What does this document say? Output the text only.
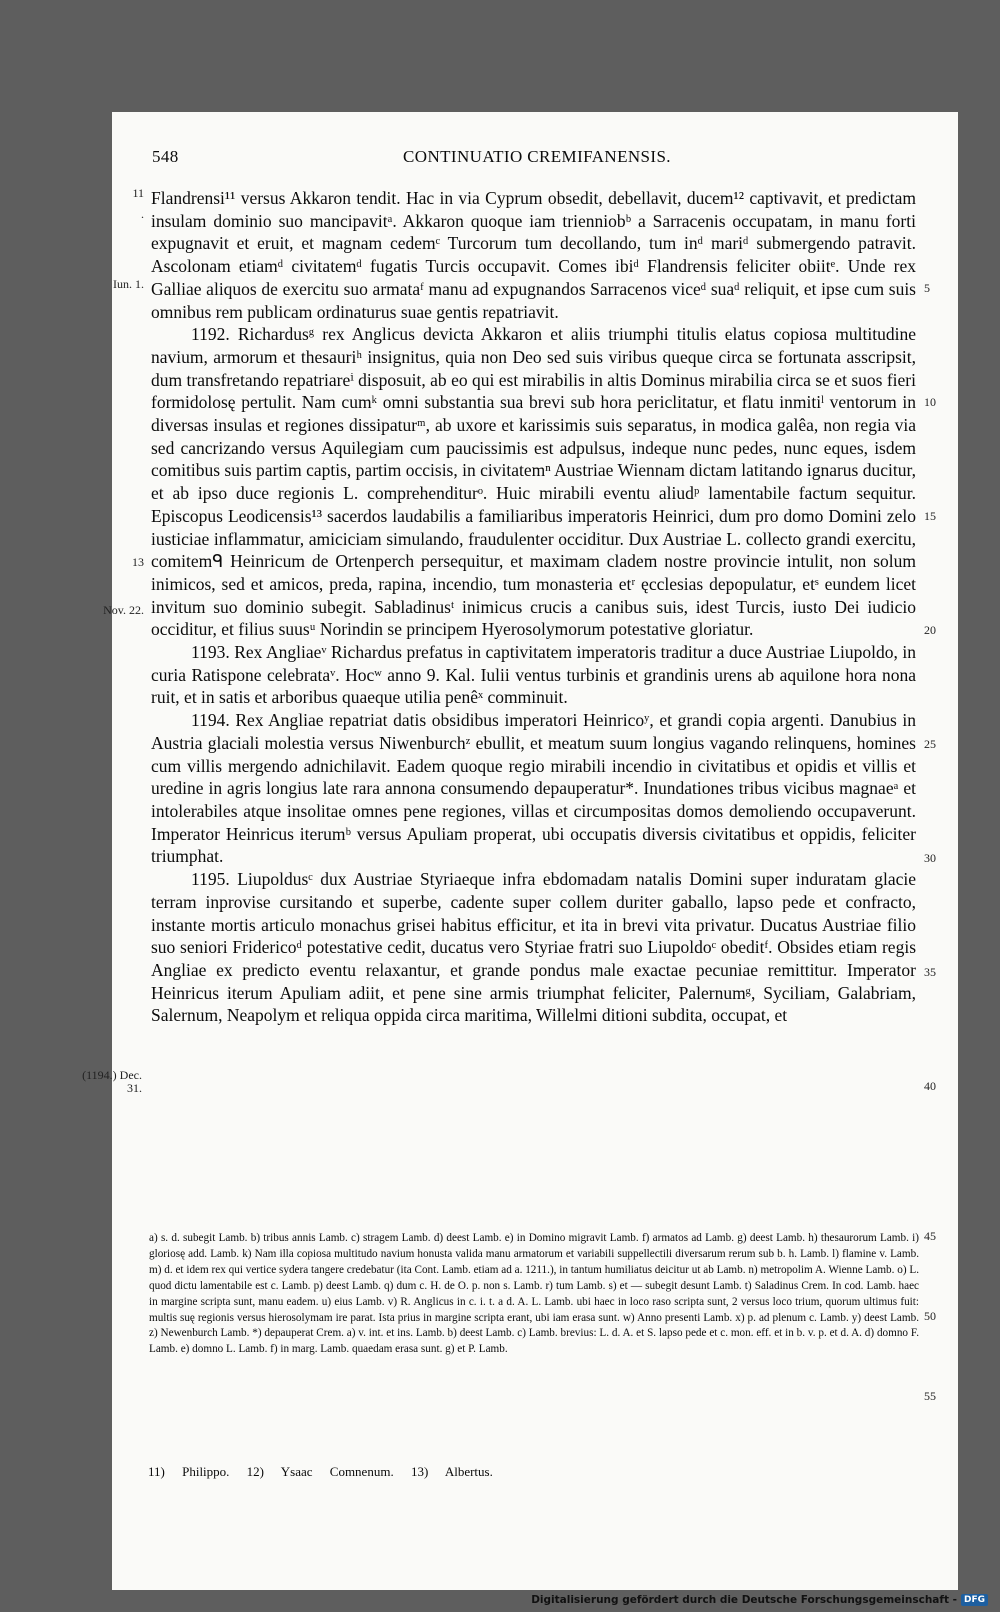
548	CONTINUATIO CREMIFANENSIS.
11
.
Iun. 1.
13
Nov. 22.
(1194.) Dec. 31.
5
10
15
20
25
30
35
40
45
50
55

Flandrensi¹¹ versus Akkaron tendit. Hac in via Cyprum obsedit, debellavit, ducem¹² captivavit, et predictam insulam dominio suo mancipavitᵃ. Akkaron quoque iam trienniobᵇ a Sarracenis occupatam, in manu forti expugnavit et eruit, et magnam cedemᶜ Turcorum tum decollando, tum inᵈ mariᵈ submergendo patravit. Ascolonam etiamᵈ civitatemᵈ fugatis Turcis occupavit. Comes ibiᵈ Flandrensis feliciter obiitᵉ. Unde rex Galliae aliquos de exercitu suo armataᶠ manu ad expugnandos Sarracenos viceᵈ suaᵈ reliquit, et ipse cum suis omnibus rem publicam ordinaturus suae gentis repatriavit.

1192. Richardusᵍ rex Anglicus devicta Akkaron et aliis triumphi titulis elatus copiosa multitudine navium, armorum et thesauriʰ insignitus, quia non Deo sed suis viribus queque circa se fortunata asscripsit, dum transfretando repatriareⁱ disposuit, ab eo qui est mirabilis in altis Dominus mirabilia circa se et suos fieri formidolosę pertulit. Nam cumᵏ omni substantia sua brevi sub hora periclitatur, et flatu inmitiˡ ventorum in diversas insulas et regiones dissipaturᵐ, ab uxore et karissimis suis separatus, in modica galêa, non regia via sed cancrizando versus Aquilegiam cum paucissimis est adpulsus, indeque nunc pedes, nunc eques, isdem comitibus suis partim captis, partim occisis, in civitatemⁿ Austriae Wiennam dictam latitando ignarus ducitur, et ab ipso duce regionis L. comprehenditurᵒ. Huic mirabili eventu aliudᵖ lamentabile factum sequitur. Episcopus Leodicensis¹³ sacerdos laudabilis a familiaribus imperatoris Heinrici, dum pro domo Domini zelo iusticiae inflammatur, amiciciam simulando, fraudulenter occiditur. Dux Austriae L. collecto grandi exercitu, comitemᑫ Heinricum de Ortenperch persequitur, et maximam cladem nostre provincie intulit, non solum inimicos, sed et amicos, preda, rapina, incendio, tum monasteria etʳ ęcclesias depopulatur, etˢ eundem licet invitum suo dominio subegit. Sabladinusᵗ inimicus crucis a canibus suis, idest Turcis, iusto Dei iudicio occiditur, et filius suusᵘ Norindin se principem Hyerosolymorum potestative gloriatur.

1193. Rex Angliaeᵛ Richardus prefatus in captivitatem imperatoris traditur a duce Austriae Liupoldo, in curia Ratispone celebrataᵛ. Hocʷ anno 9. Kal. Iulii ventus turbinis et grandinis urens ab aquilone hora nona ruit, et in satis et arboribus quaeque utilia penêˣ comminuit.

1194. Rex Angliae repatriat datis obsidibus imperatori Heinricoʸ, et grandi copia argenti. Danubius in Austria glaciali molestia versus Niwenburchᶻ ebullit, et meatum suum longius vagando relinquens, homines cum villis mergendo adnichilavit. Eadem quoque regio mirabili incendio in civitatibus et opidis et villis et uredine in agris longius late rara annona consumendo depauperatur*. Inundationes tribus vicibus magnaeᵃ et intolerabiles atque insolitae omnes pene regiones, villas et circumpositas domos demoliendo occupaverunt. Imperator Heinricus iterumᵇ versus Apuliam properat, ubi occupatis diversis civitatibus et oppidis, feliciter triumphat.

1195. Liupoldusᶜ dux Austriae Styriaeque infra ebdomadam natalis Domini super induratam glacie terram inprovise cursitando et superbe, cadente super collem duriter gaballo, lapso pede et confracto, instante mortis articulo monachus grisei habitus efficitur, et ita in brevi vita privatur. Ducatus Austriae filio suo seniori Fridericoᵈ potestative cedit, ducatus vero Styriae fratri suo Liupoldoᶜ obeditᶠ. Obsides etiam regis Angliae ex predicto eventu relaxantur, et grande pondus male exactae pecuniae remittitur. Imperator Heinricus iterum Apuliam adiit, et pene sine armis triumphat feliciter, Palernumᵍ, Syciliam, Galabriam, Salernum, Neapolym et reliqua oppida circa maritima, Willelmi ditioni subdita, occupat, et

a) s. d. subegit Lamb. b) tribus annis Lamb. c) stragem Lamb. d) deest Lamb. e) in Domino migravit Lamb. f) armatos ad Lamb. g) deest Lamb. h) thesaurorum Lamb. i) gloriosę add. Lamb. k) Nam illa copiosa multitudo navium honusta valida manu armatorum et variabili suppellectili diversarum rerum sub b. h. Lamb. l) flamine v. Lamb. m) d. et idem rex qui vertice sydera tangere credebatur (ita Cont. Lamb. etiam ad a. 1211.), in tantum humiliatus deicitur ut ab Lamb. n) metropolim A. Wienne Lamb. o) L. quod dictu lamentabile est c. Lamb. p) deest Lamb. q) dum c. H. de O. p. non s. Lamb. r) tum Lamb. s) et — subegit desunt Lamb. t) Saladinus Crem. In cod. Lamb. haec in margine scripta sunt, manu eadem. u) eius Lamb. v) R. Anglicus in c. i. t. a d. A. L. Lamb. ubi haec in loco raso scripta sunt, 2 versus loco trium, quorum ultimus fuit: multis suę regionis versus hierosolymam ire parat. Ista prius in margine scripta erant, ubi iam erasa sunt. w) Anno presenti Lamb. x) p. ad plenum c. Lamb. y) deest Lamb. z) Newenburch Lamb. *) depauperat Crem. a) v. int. et ins. Lamb. b) deest Lamb. c) Lamb. brevius: L. d. A. et S. lapso pede et c. mon. eff. et in b. v. p. et d. A. d) domno F. Lamb. e) domno L. Lamb. f) in marg. Lamb. quaedam erasa sunt. g) et P. Lamb.

11) Philippo. 12) Ysaac Comnenum. 13) Albertus.
Digitalisierung gefördert durch die Deutsche Forschungsgemeinschaft - DFG
